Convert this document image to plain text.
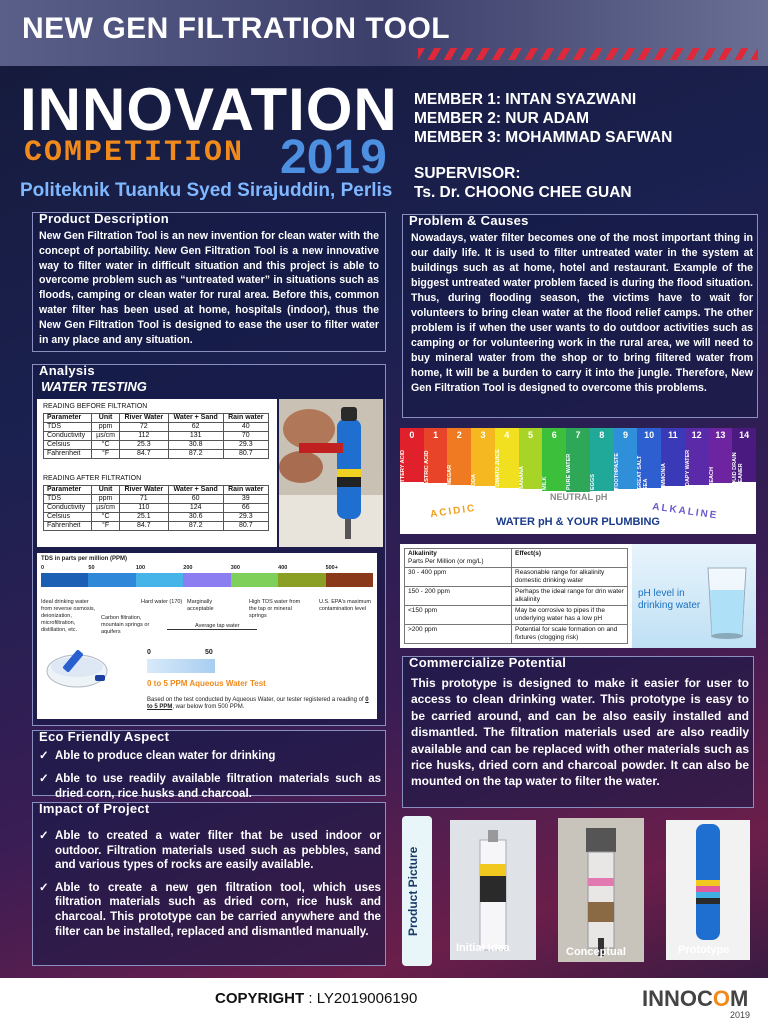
NEW GEN FILTRATION TOOL
INNOVATION
COMPETITION 2019
Politeknik Tuanku Syed Sirajuddin, Perlis
MEMBER 1: INTAN SYAZWANI
MEMBER 2: NUR ADAM
MEMBER 3: MOHAMMAD SAFWAN
SUPERVISOR:
Ts. Dr. CHOONG CHEE GUAN
Product Description
New Gen Filtration Tool is an new invention for clean water with the concept of portability. New Gen Filtration Tool is a new innovative way to filter water in difficult situation and this project is able to overcome problem such as “untreated water” in situations such as floods, camping or clean water for rural area. Before this, common water filter has been used at home, hospitals (indoor), thus the New Gen Filtration Tool is designed to ease the user to filter water in any place and any situation.
Problem & Causes
Nowadays, water filter becomes one of the most important thing in our daily life. It is used to filter untreated water in the system at buildings such as at home, hotel and restaurant. Example of the biggest untreated water problem faced is during the flood situation. Thus, during flooding season, the victims have to wait for volunteers to bring clean water at the flood relief camps. The other problem is if when the user wants to do outdoor activities such as camping or for volunteering work in the rural area, we will need to buy mineral water from the shop or to bring filtered water from home, It will be a burden to carry it into the jungle. Therefore, New Gen Filtration Tool is designed to overcome this problems.
Analysis
WATER TESTING
READING BEFORE FILTRATION
Parameter	Unit	River Water	Water + Sand	Rain water
TDS	ppm	72	62	40
Conductivity	µs/cm	112	131	70
Celsius	°C	25.3	30.8	29.3
Fahrenheit	°F	84.7	87.2	80.7
READING AFTER FILTRATION
Parameter	Unit	River Water	Water + Sand	Rain water
TDS	ppm	71	60	39
Conductivity	µs/cm	110	124	66
Celsius	°C	25.1	30.6	29.3
Fahrenheit	°F	84.7	87.2	80.7
TDS in parts per million (PPM)
0	50	100	200	300	400	500+
Ideal drinking water from reverse osmosis, deionization, microfiltration, distillation, etc.
Carbon filtration, mountain springs or aquifers
Hard water (170) Marginally acceptable
High TDS water from the tap or mineral springs
U.S. EPA's maximum contamination level
Average tap water
0	50
0 to 5 PPM Aqueous Water Test
Based on the test conducted by Aqueous Water, our tester registered a reading of 0 to 5 PPM, war below from 500 PPM.
0
BATTERY ACID
1
GASTRIC ACID
2
VINEGAR
3
SODA
4
TOMATO JUICE
5
BANANA
6
MILK
7
PURE WATER
8
EGGS
9
TOOTHPASTE
10
GREAT SALT SEA
11
AMMONIA
12
SOAPY WATER
13
BLEACH
14
LIQUID DRAIN CLEANER
NEUTRAL pH
ACIDIC	ALKALINE
WATER pH & YOUR PLUMBING
Alkalinity
Parts Per Million (or mg/L)	Effect(s)
30 - 400 ppm	Reasonable range for alkalinity domestic drinking water
150 - 200 ppm	Perhaps the ideal range for drin water alkalinity
<150 ppm	May be corrosive to pipes if the underlying water has a low pH
>200 ppm	Potential for scale formation on and fixtures (clogging risk)
pH level in drinking water
Commercialize Potential
This prototype is designed to make it easier for user to access to clean drinking water. This prototype is easy to be carried around, and can be also easily installed and dismantled. The filtration materials used are also readily available and can be replaced with other materials such as rice husks, dried corn and charcoal powder. It can also be mounted on the tap water to filter the water.
Eco Friendly Aspect
✓ Able to produce clean water for drinking
✓ Able to use readily available filtration materials such as dried corn, rice husks and charcoal.
Impact of Project
✓ Able to created a water filter that be used indoor or outdoor. Filtration materials used such as pebbles, sand and various types of rocks are easily available.
✓ Able to create a new gen filtration tool, which uses filtration materials such as dried corn, rice husk and charcoal. This prototype can be carried anywhere and the filter can be installed, replaced and dismantled manually.	Product Picture
Initial Idea	Conceptual	Prototype
COPYRIGHT : LY2019006190	INNOCOM
2019
